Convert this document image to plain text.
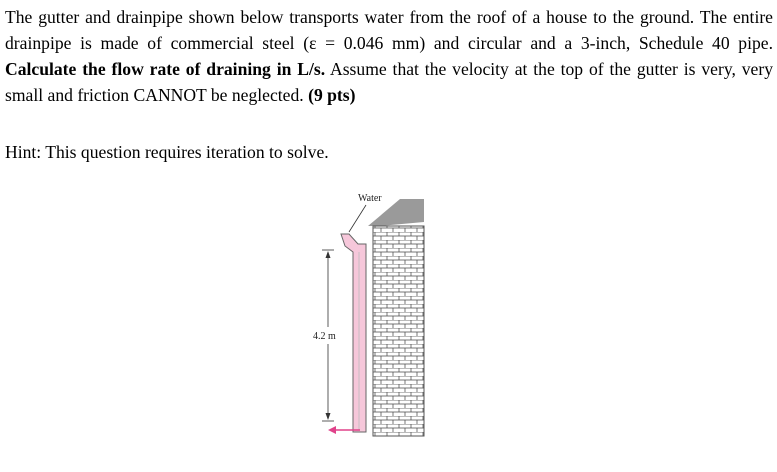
The gutter and drainpipe shown below transports water from the roof of a house to the ground. The entire drainpipe is made of commercial steel (ε = 0.046 mm) and circular and a 3-inch, Schedule 40 pipe. Calculate the flow rate of draining in L/s. Assume that the velocity at the top of the gutter is very, very small and friction CANNOT be neglected. (9 pts)

Hint: This question requires iteration to solve.

Water
4.2 m
